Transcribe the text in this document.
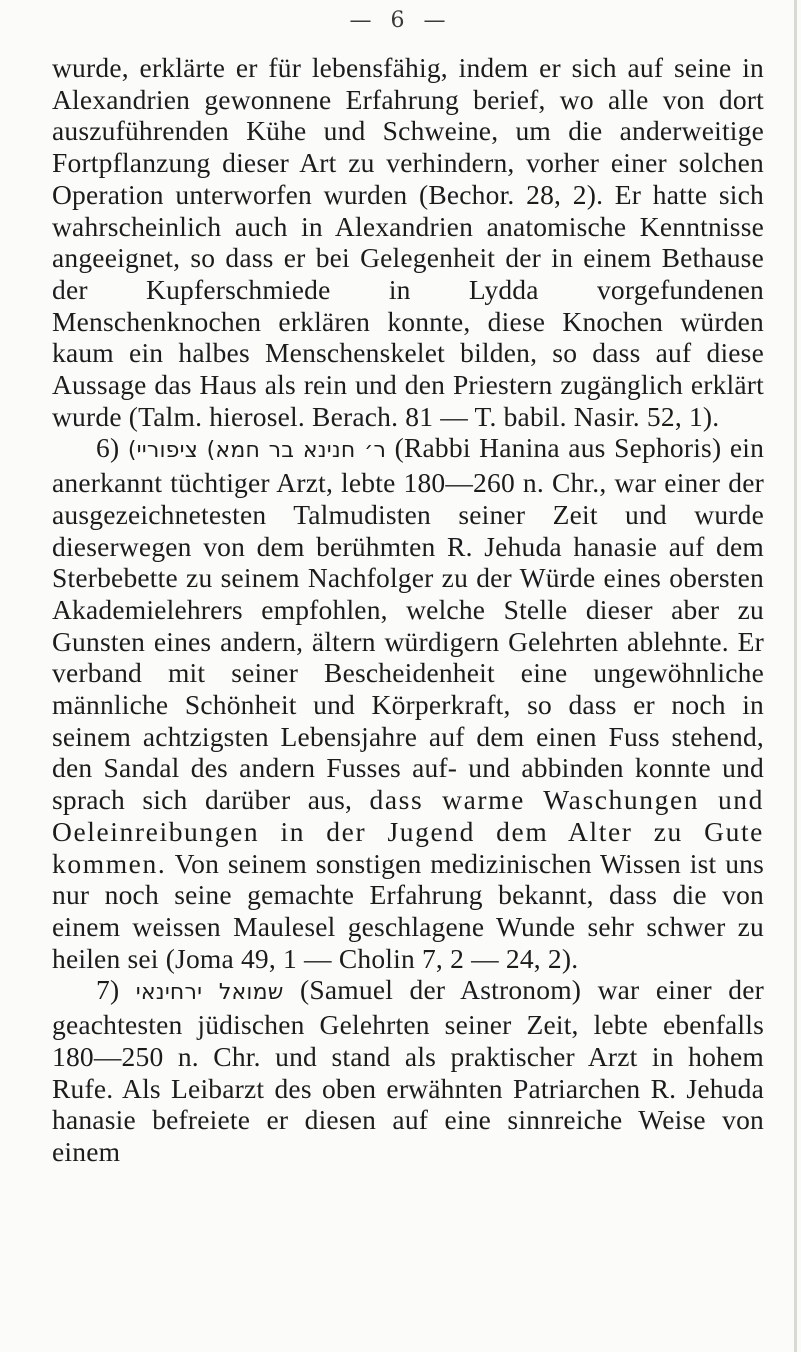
— 6 —

wurde, erklärte er für lebensfähig, indem er sich auf seine in Alexandrien gewonnene Erfahrung berief, wo alle von dort auszuführenden Kühe und Schweine, um die anderweitige Fortpflanzung dieser Art zu verhindern, vorher einer solchen Operation unterworfen wurden (Bechor. 28, 2). Er hatte sich wahrscheinlich auch in Alexandrien anatomische Kenntnisse angeeignet, so dass er bei Gelegenheit der in einem Bethause der Kupferschmiede in Lydda vorgefundenen Menschenknochen erklären konnte, diese Knochen würden kaum ein halbes Menschenskelet bilden, so dass auf diese Aussage das Haus als rein und den Priestern zugänglich erklärt wurde (Talm. hierosel. Berach. 81 — T. babil. Nasir. 52, 1).

6) ר׳ חנינא בר חמא) ציפוריי) (Rabbi Hanina aus Sephoris) ein anerkannt tüchtiger Arzt, lebte 180—260 n. Chr., war einer der ausgezeichnetesten Talmudisten seiner Zeit und wurde dieserwegen von dem berühmten R. Jehuda hanasie auf dem Sterbebette zu seinem Nachfolger zu der Würde eines obersten Akademielehrers empfohlen, welche Stelle dieser aber zu Gunsten eines andern, ältern würdigern Gelehrten ablehnte. Er verband mit seiner Bescheidenheit eine ungewöhnliche männliche Schönheit und Körperkraft, so dass er noch in seinem achtzigsten Lebensjahre auf dem einen Fuss stehend, den Sandal des andern Fusses auf- und abbinden konnte und sprach sich darüber aus, dass warme Waschungen und Oeleinreibungen in der Jugend dem Alter zu Gute kommen. Von seinem sonstigen medizinischen Wissen ist uns nur noch seine gemachte Erfahrung bekannt, dass die von einem weissen Maulesel geschlagene Wunde sehr schwer zu heilen sei (Joma 49, 1 — Cholin 7, 2 — 24, 2).

7) שמואל ירחינאי (Samuel der Astronom) war einer der geachtesten jüdischen Gelehrten seiner Zeit, lebte ebenfalls 180—250 n. Chr. und stand als praktischer Arzt in hohem Rufe. Als Leibarzt des oben erwähnten Patriarchen R. Jehuda hanasie befreiete er diesen auf eine sinnreiche Weise von einem
